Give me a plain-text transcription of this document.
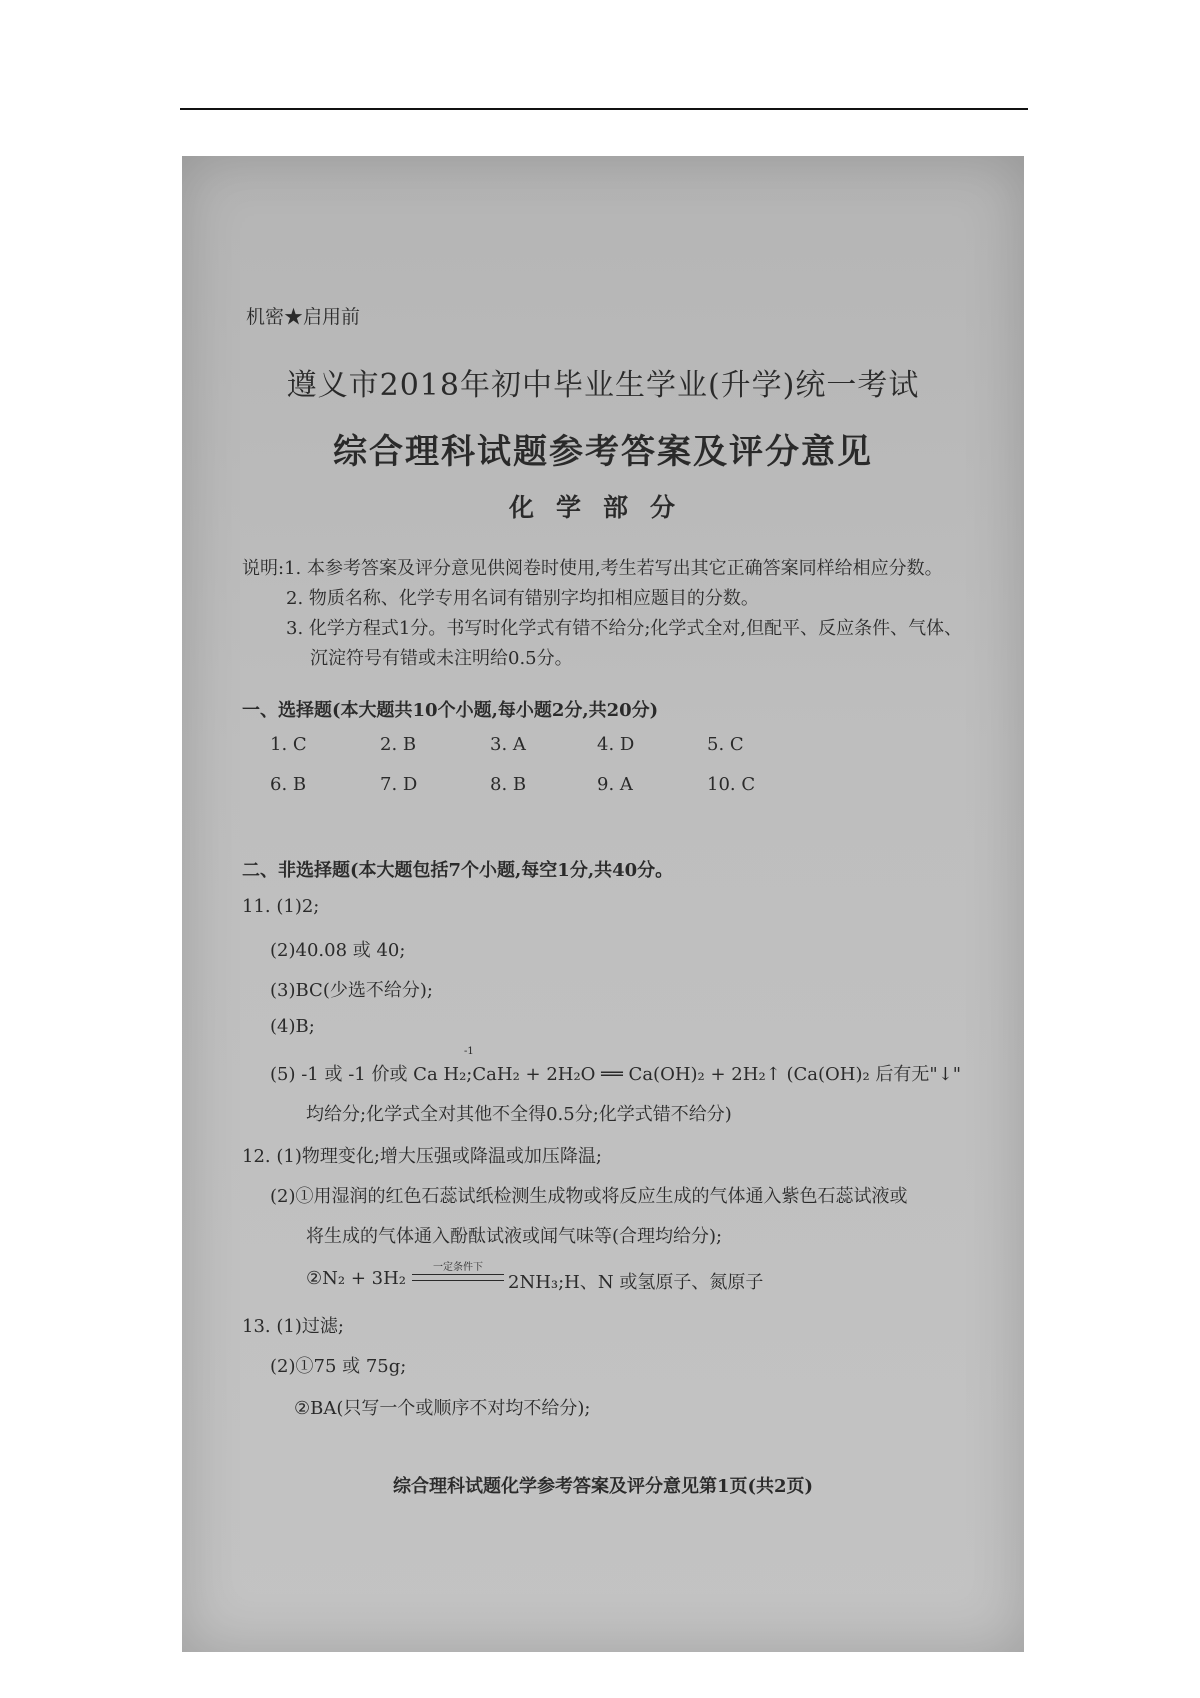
机密★启用前
遵义市2018年初中毕业生学业(升学)统一考试
综合理科试题参考答案及评分意见
化学部分
说明:1. 本参考答案及评分意见供阅卷时使用,考生若写出其它正确答案同样给相应分数。
2. 物质名称、化学专用名词有错别字均扣相应题目的分数。
3. 化学方程式1分。书写时化学式有错不给分;化学式全对,但配平、反应条件、气体、
沉淀符号有错或未注明给0.5分。
一、选择题(本大题共10个小题,每小题2分,共20分)
1. C	2. B	3. A	4. D	5. C
6. B	7. D	8. B	9. A	10. C
二、非选择题(本大题包括7个小题,每空1分,共40分。
11. (1)2;
(2)40.08 或 40;
(3)BC(少选不给分);
(4)B;
-1
(5) -1 或 -1 价或 Ca H₂;CaH₂ + 2H₂O ══ Ca(OH)₂ + 2H₂↑ (Ca(OH)₂ 后有无"↓"
均给分;化学式全对其他不全得0.5分;化学式错不给分)
12. (1)物理变化;增大压强或降温或加压降温;
(2)①用湿润的红色石蕊试纸检测生成物或将反应生成的气体通入紫色石蕊试液或
将生成的气体通入酚酞试液或闻气味等(合理均给分);
②N₂ + 3H₂
一定条件下
2NH₃;H、N 或氢原子、氮原子
13. (1)过滤;
(2)①75 或 75g;
②BA(只写一个或顺序不对均不给分);
综合理科试题化学参考答案及评分意见第1页(共2页)
